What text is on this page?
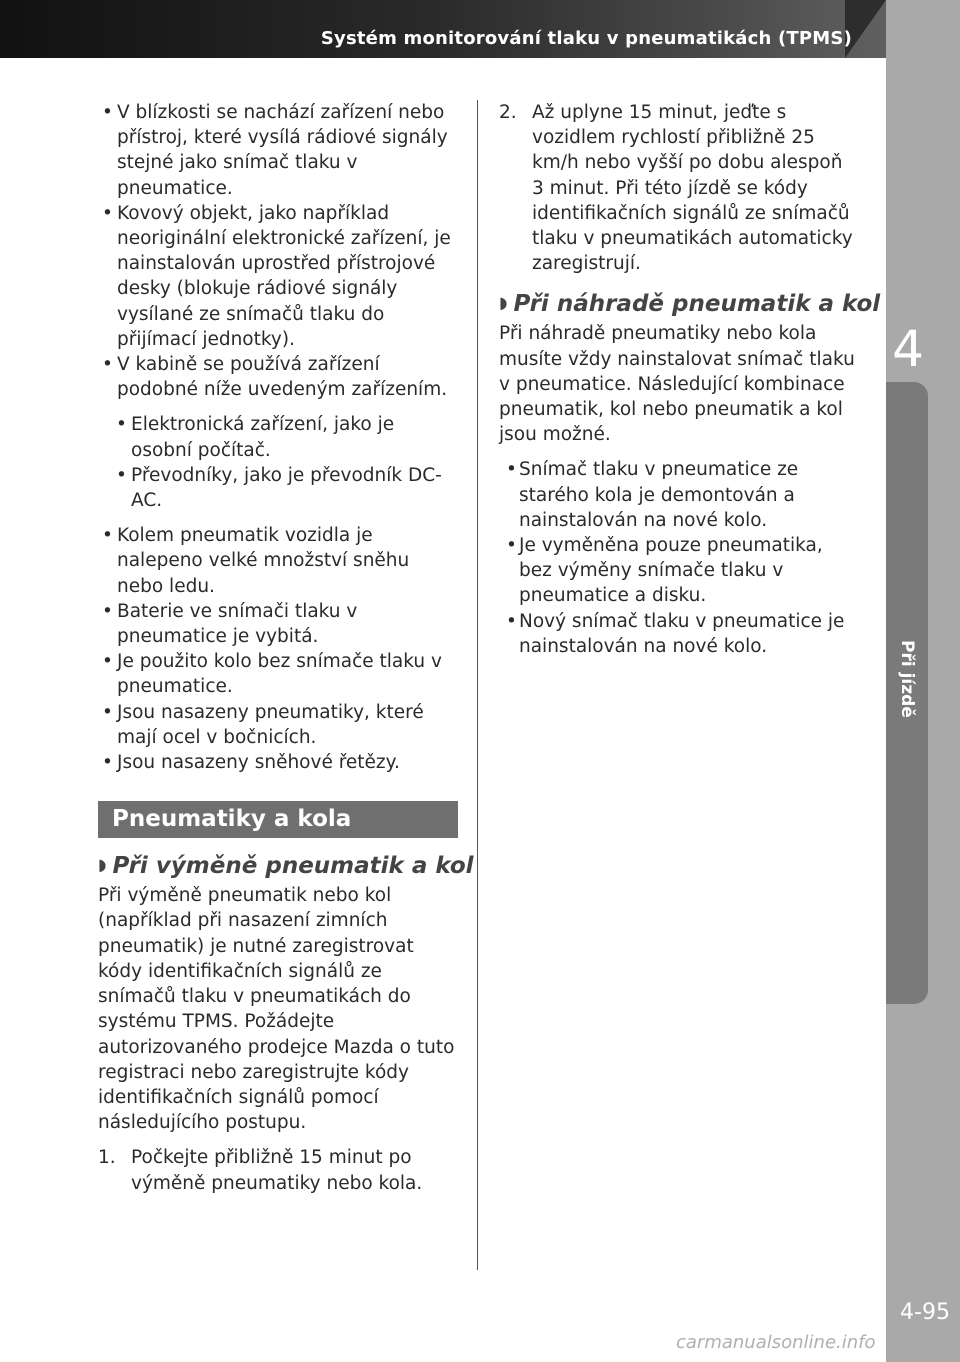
Systém monitorování tlaku v pneumatikách (TPMS)
4
Při jízdě
4-95
carmanualsonline.info

• V blízkosti se nachází zařízení nebo přístroj, které vysílá rádiové signály stejné jako snímač tlaku v pneumatice.

• Kovový objekt, jako například neoriginální elektronické zařízení, je nainstalován uprostřed přístrojové desky (blokuje rádiové signály vysílané ze snímačů tlaku do přijímací jednotky).

• V kabině se používá zařízení podobné níže uvedeným zařízením.

• Elektronická zařízení, jako je osobní počítač.

• Převodníky, jako je převodník DC-AC.

• Kolem pneumatik vozidla je nalepeno velké množství sněhu nebo ledu.

• Baterie ve snímači tlaku v pneumatice je vybitá.

• Je použito kolo bez snímače tlaku v pneumatice.

• Jsou nasazeny pneumatiky, které mají ocel v bočnicích.

• Jsou nasazeny sněhové řetězy.

Pneumatiky a kola
◗ Při výměně pneumatik a kol

Při výměně pneumatik nebo kol (například při nasazení zimních pneumatik) je nutné zaregistrovat kódy identifikačních signálů ze snímačů tlaku v pneumatikách do systému TPMS. Požádejte autorizovaného prodejce Mazda o tuto registraci nebo zaregistrujte kódy identifikačních signálů pomocí následujícího postupu.

1. Počkejte přibližně 15 minut po výměně pneumatiky nebo kola.
2. Až uplyne 15 minut, jeďte s vozidlem rychlostí přibližně 25 km/h nebo vyšší po dobu alespoň 3 minut. Při této jízdě se kódy identifikačních signálů ze snímačů tlaku v pneumatikách automaticky zaregistrují.
◗ Při náhradě pneumatik a kol

Při náhradě pneumatiky nebo kola musíte vždy nainstalovat snímač tlaku v pneumatice. Následující kombinace pneumatik, kol nebo pneumatik a kol jsou možné.

• Snímač tlaku v pneumatice ze starého kola je demontován a nainstalován na nové kolo.

• Je vyměněna pouze pneumatika, bez výměny snímače tlaku v pneumatice a disku.

• Nový snímač tlaku v pneumatice je nainstalován na nové kolo.
